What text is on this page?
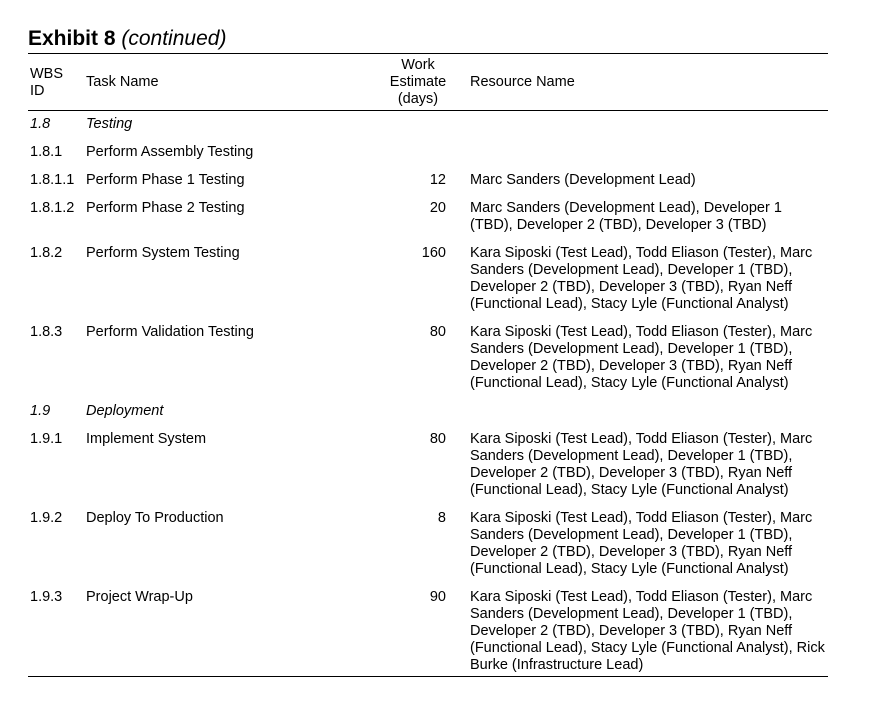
Exhibit 8 (continued)
WBS
ID	Task Name	Work
Estimate
(days)		Resource Name
1.8	Testing			
1.8.1	Perform Assembly Testing			
1.8.1.1	Perform Phase 1 Testing	12		Marc Sanders (Development Lead)
1.8.1.2	Perform Phase 2 Testing	20		Marc Sanders (Development Lead), Developer 1 (TBD), Developer 2 (TBD), Developer 3 (TBD)
1.8.2	Perform System Testing	160		Kara Siposki (Test Lead), Todd Eliason (Tester), Marc Sanders (Development Lead), Developer 1 (TBD), Developer 2 (TBD), Developer 3 (TBD), Ryan Neff (Functional Lead), Stacy Lyle (Functional Analyst)
1.8.3	Perform Validation Testing	80		Kara Siposki (Test Lead), Todd Eliason (Tester), Marc Sanders (Development Lead), Developer 1 (TBD), Developer 2 (TBD), Developer 3 (TBD), Ryan Neff (Functional Lead), Stacy Lyle (Functional Analyst)
1.9	Deployment			
1.9.1	Implement System	80		Kara Siposki (Test Lead), Todd Eliason (Tester), Marc Sanders (Development Lead), Developer 1 (TBD), Developer 2 (TBD), Developer 3 (TBD), Ryan Neff (Functional Lead), Stacy Lyle (Functional Analyst)
1.9.2	Deploy To Production	8		Kara Siposki (Test Lead), Todd Eliason (Tester), Marc Sanders (Development Lead), Developer 1 (TBD), Developer 2 (TBD), Developer 3 (TBD), Ryan Neff (Functional Lead), Stacy Lyle (Functional Analyst)
1.9.3	Project Wrap-Up	90		Kara Siposki (Test Lead), Todd Eliason (Tester), Marc Sanders (Development Lead), Developer 1 (TBD), Developer 2 (TBD), Developer 3 (TBD), Ryan Neff (Functional Lead), Stacy Lyle (Functional Analyst), Rick Burke (Infrastructure Lead)
